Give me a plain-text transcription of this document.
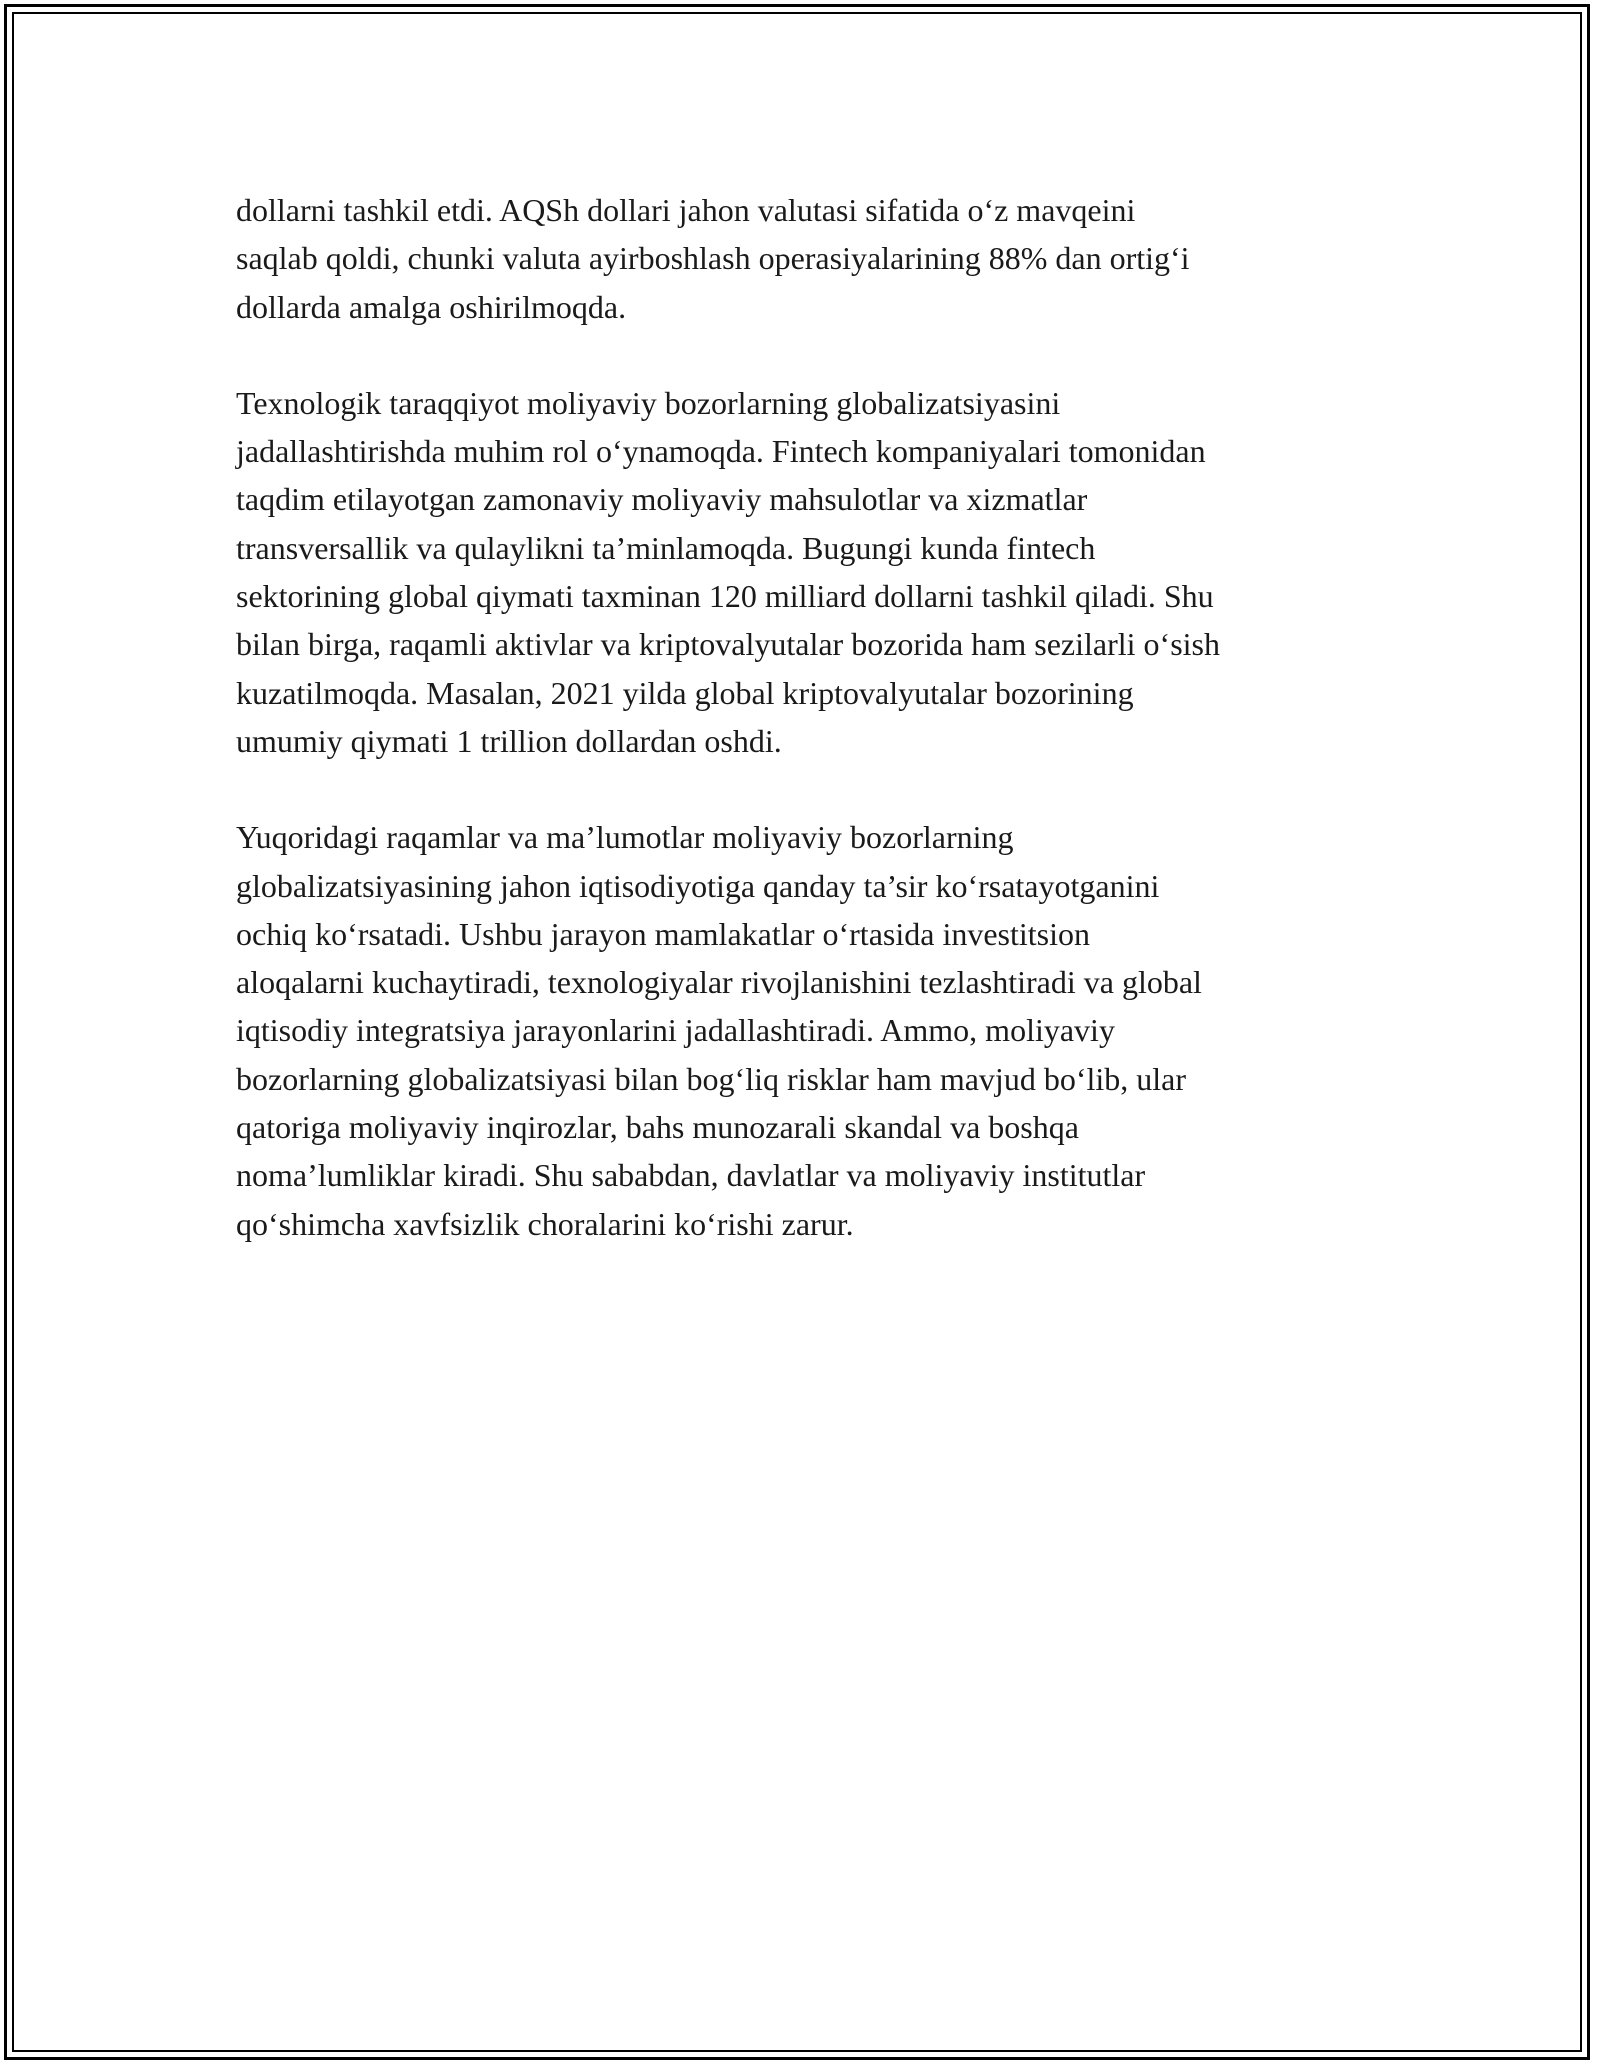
dollarni tashkil etdi. AQSh dollari jahon valutasi sifatida o‘z mavqeini
saqlab qoldi, chunki valuta ayirboshlash operasiyalarining 88% dan ortig‘i
dollarda amalga oshirilmoqda.

Texnologik taraqqiyot moliyaviy bozorlarning globalizatsiyasini
jadallashtirishda muhim rol o‘ynamoqda. Fintech kompaniyalari tomonidan
taqdim etilayotgan zamonaviy moliyaviy mahsulotlar va xizmatlar
transversallik va qulaylikni ta’minlamoqda. Bugungi kunda fintech
sektorining global qiymati taxminan 120 milliard dollarni tashkil qiladi. Shu
bilan birga, raqamli aktivlar va kriptovalyutalar bozorida ham sezilarli o‘sish
kuzatilmoqda. Masalan, 2021 yilda global kriptovalyutalar bozorining
umumiy qiymati 1 trillion dollardan oshdi.

Yuqoridagi raqamlar va ma’lumotlar moliyaviy bozorlarning
globalizatsiyasining jahon iqtisodiyotiga qanday ta’sir ko‘rsatayotganini
ochiq ko‘rsatadi. Ushbu jarayon mamlakatlar o‘rtasida investitsion
aloqalarni kuchaytiradi, texnologiyalar rivojlanishini tezlashtiradi va global
iqtisodiy integratsiya jarayonlarini jadallashtiradi. Ammo, moliyaviy
bozorlarning globalizatsiyasi bilan bog‘liq risklar ham mavjud bo‘lib, ular
qatoriga moliyaviy inqirozlar, bahs munozarali skandal va boshqa
noma’lumliklar kiradi. Shu sababdan, davlatlar va moliyaviy institutlar
qo‘shimcha xavfsizlik choralarini ko‘rishi zarur.
